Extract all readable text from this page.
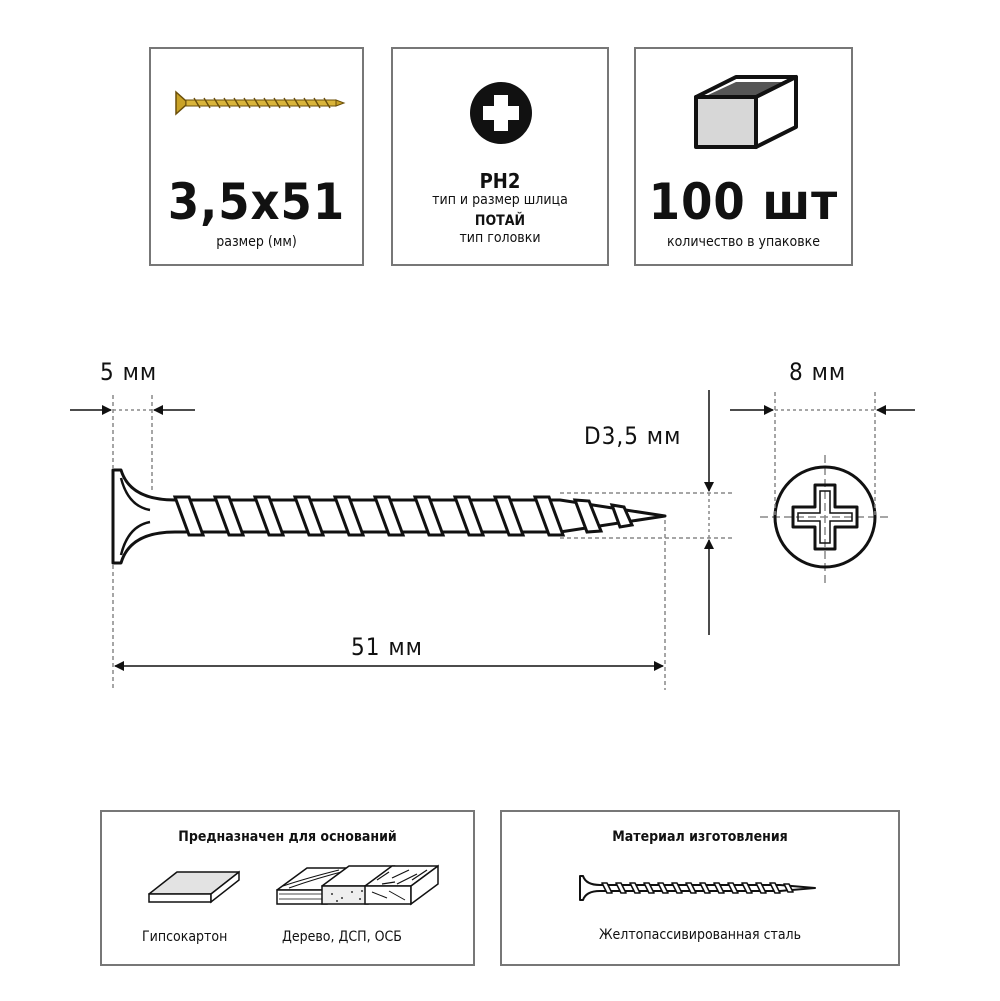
3,5x51
размер (мм)
PH2
тип и размер шлица
ПОТАЙ
тип головки
100 шт
количество в упаковке
5 мм	8 мм
D3,5 мм
51 мм
Предназначен для оснований
Гипсокартон	Дерево, ДСП, ОСБ
Материал изготовления
Желтопассивированная сталь
